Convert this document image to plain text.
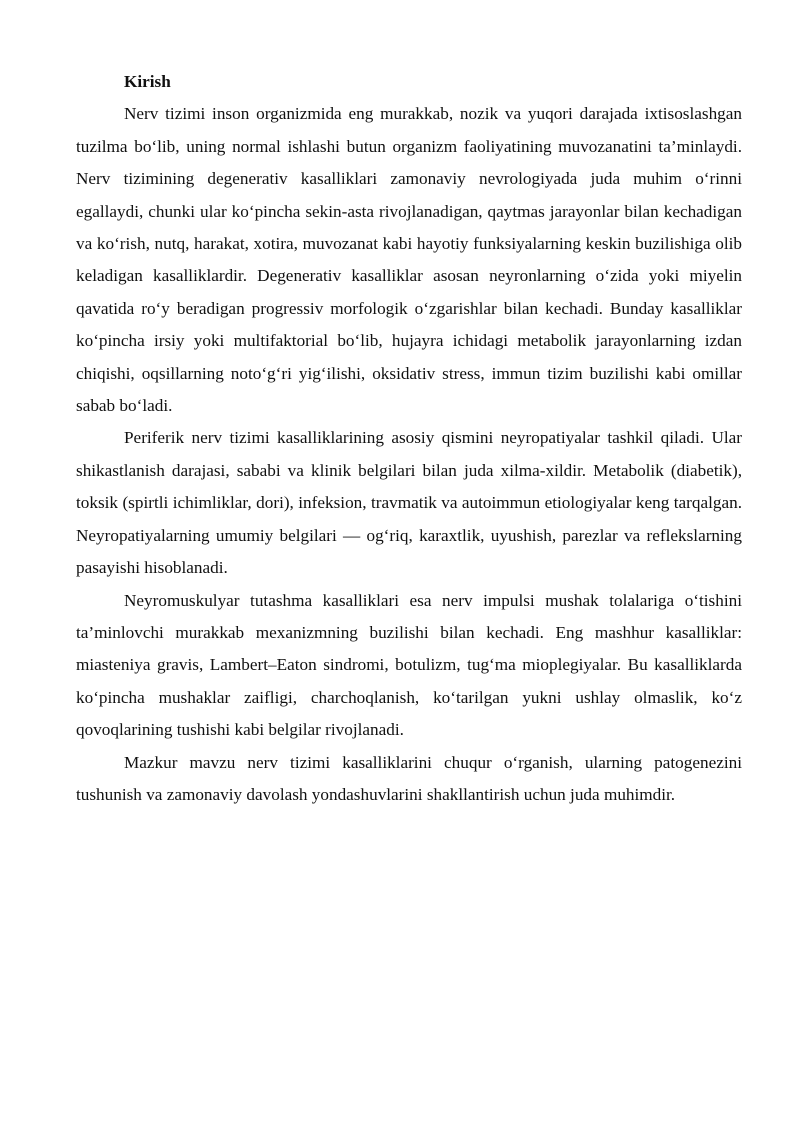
Kirish

Nerv tizimi inson organizmida eng murakkab, nozik va yuqori darajada ixtisoslashgan tuzilma bo‘lib, uning normal ishlashi butun organizm faoliyatining muvozanatini ta’minlaydi. Nerv tizimining degenerativ kasalliklari zamonaviy nevrologiyada juda muhim o‘rinni egallaydi, chunki ular ko‘pincha sekin-asta rivojlanadigan, qaytmas jarayonlar bilan kechadigan va ko‘rish, nutq, harakat, xotira, muvozanat kabi hayotiy funksiyalarning keskin buzilishiga olib keladigan kasalliklardir. Degenerativ kasalliklar asosan neyronlarning o‘zida yoki miyelin qavatida ro‘y beradigan progressiv morfologik o‘zgarishlar bilan kechadi. Bunday kasalliklar ko‘pincha irsiy yoki multifaktorial bo‘lib, hujayra ichidagi metabolik jarayonlarning izdan chiqishi, oqsillarning noto‘g‘ri yig‘ilishi, oksidativ stress, immun tizim buzilishi kabi omillar sabab bo‘ladi.

Periferik nerv tizimi kasalliklarining asosiy qismini neyropatiyalar tashkil qiladi. Ular shikastlanish darajasi, sababi va klinik belgilari bilan juda xilma-xildir. Metabolik (diabetik), toksik (spirtli ichimliklar, dori), infeksion, travmatik va autoimmun etiologiyalar keng tarqalgan. Neyropatiyalarning umumiy belgilari — og‘riq, karaxtlik, uyushish, parezlar va reflekslarning pasayishi hisoblanadi.

Neyromuskulyar tutashma kasalliklari esa nerv impulsi mushak tolalariga o‘tishini ta’minlovchi murakkab mexanizmning buzilishi bilan kechadi. Eng mashhur kasalliklar: miasteniya gravis, Lambert–Eaton sindromi, botulizm, tug‘ma mioplegiyalar. Bu kasalliklarda ko‘pincha mushaklar zaifligi, charchoqlanish, ko‘tarilgan yukni ushlay olmaslik, ko‘z qovoqlarining tushishi kabi belgilar rivojlanadi.

Mazkur mavzu nerv tizimi kasalliklarini chuqur o‘rganish, ularning patogenezini tushunish va zamonaviy davolash yondashuvlarini shakllantirish uchun juda muhimdir.
